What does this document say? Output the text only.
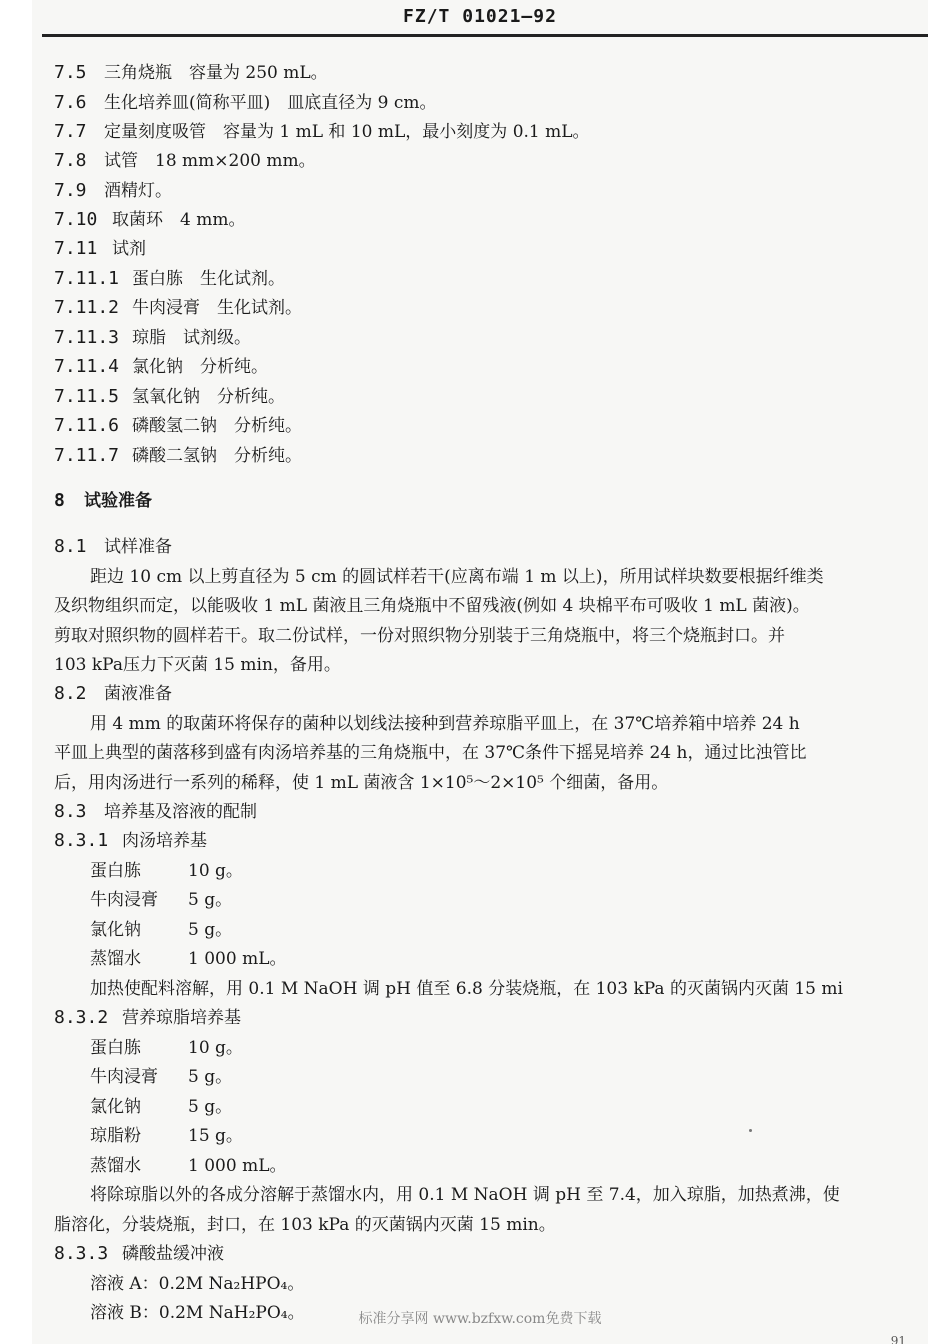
FZ/T 01021—92
7.5 三角烧瓶　容量为 250 mL。
7.6 生化培养皿(简称平皿)　皿底直径为 9 cm。
7.7 定量刻度吸管　容量为 1 mL 和 10 mL，最小刻度为 0.1 mL。
7.8 试管　18 mm×200 mm。
7.9 酒精灯。
7.10 取菌环　4 mm。
7.11 试剂
7.11.1 蛋白胨　生化试剂。
7.11.2 牛肉浸膏　生化试剂。
7.11.3 琼脂　试剂级。
7.11.4 氯化钠　分析纯。
7.11.5 氢氧化钠　分析纯。
7.11.6 磷酸氢二钠　分析纯。
7.11.7 磷酸二氢钠　分析纯。
8 试验准备
8.1 试样准备
距边 10 cm 以上剪直径为 5 cm 的圆试样若干(应离布端 1 m 以上)，所用试样块数要根据纤维类
及织物组织而定，以能吸收 1 mL 菌液且三角烧瓶中不留残液(例如 4 块棉平布可吸收 1 mL 菌液)。
剪取对照织物的圆样若干。取二份试样，一份对照织物分别装于三角烧瓶中，将三个烧瓶封口。并
103 kPa压力下灭菌 15 min，备用。
8.2 菌液准备
用 4 mm 的取菌环将保存的菌种以划线法接种到营养琼脂平皿上，在 37℃培养箱中培养 24 h
平皿上典型的菌落移到盛有肉汤培养基的三角烧瓶中，在 37℃条件下摇晃培养 24 h，通过比浊管比
后，用肉汤进行一系列的稀释，使 1 mL 菌液含 1×10⁵～2×10⁵ 个细菌，备用。
8.3 培养基及溶液的配制
8.3.1 肉汤培养基
蛋白胨	10 g。
牛肉浸膏 5 g。
氯化钠	5 g。
蒸馏水	1 000 mL。
加热使配料溶解，用 0.1 M NaOH 调 pH 值至 6.8 分装烧瓶，在 103 kPa 的灭菌锅内灭菌 15 mi
8.3.2 营养琼脂培养基
蛋白胨	10 g。
牛肉浸膏 5 g。
氯化钠	5 g。
琼脂粉	15 g。
蒸馏水	1 000 mL。
将除琼脂以外的各成分溶解于蒸馏水内，用 0.1 M NaOH 调 pH 至 7.4，加入琼脂，加热煮沸，使
脂溶化，分装烧瓶，封口，在 103 kPa 的灭菌锅内灭菌 15 min。
8.3.3 磷酸盐缓冲液
溶液 A：0.2M Na₂HPO₄。
溶液 B：0.2M NaH₂PO₄。	标准分享网 www.bzfxw.com免费下载
91
